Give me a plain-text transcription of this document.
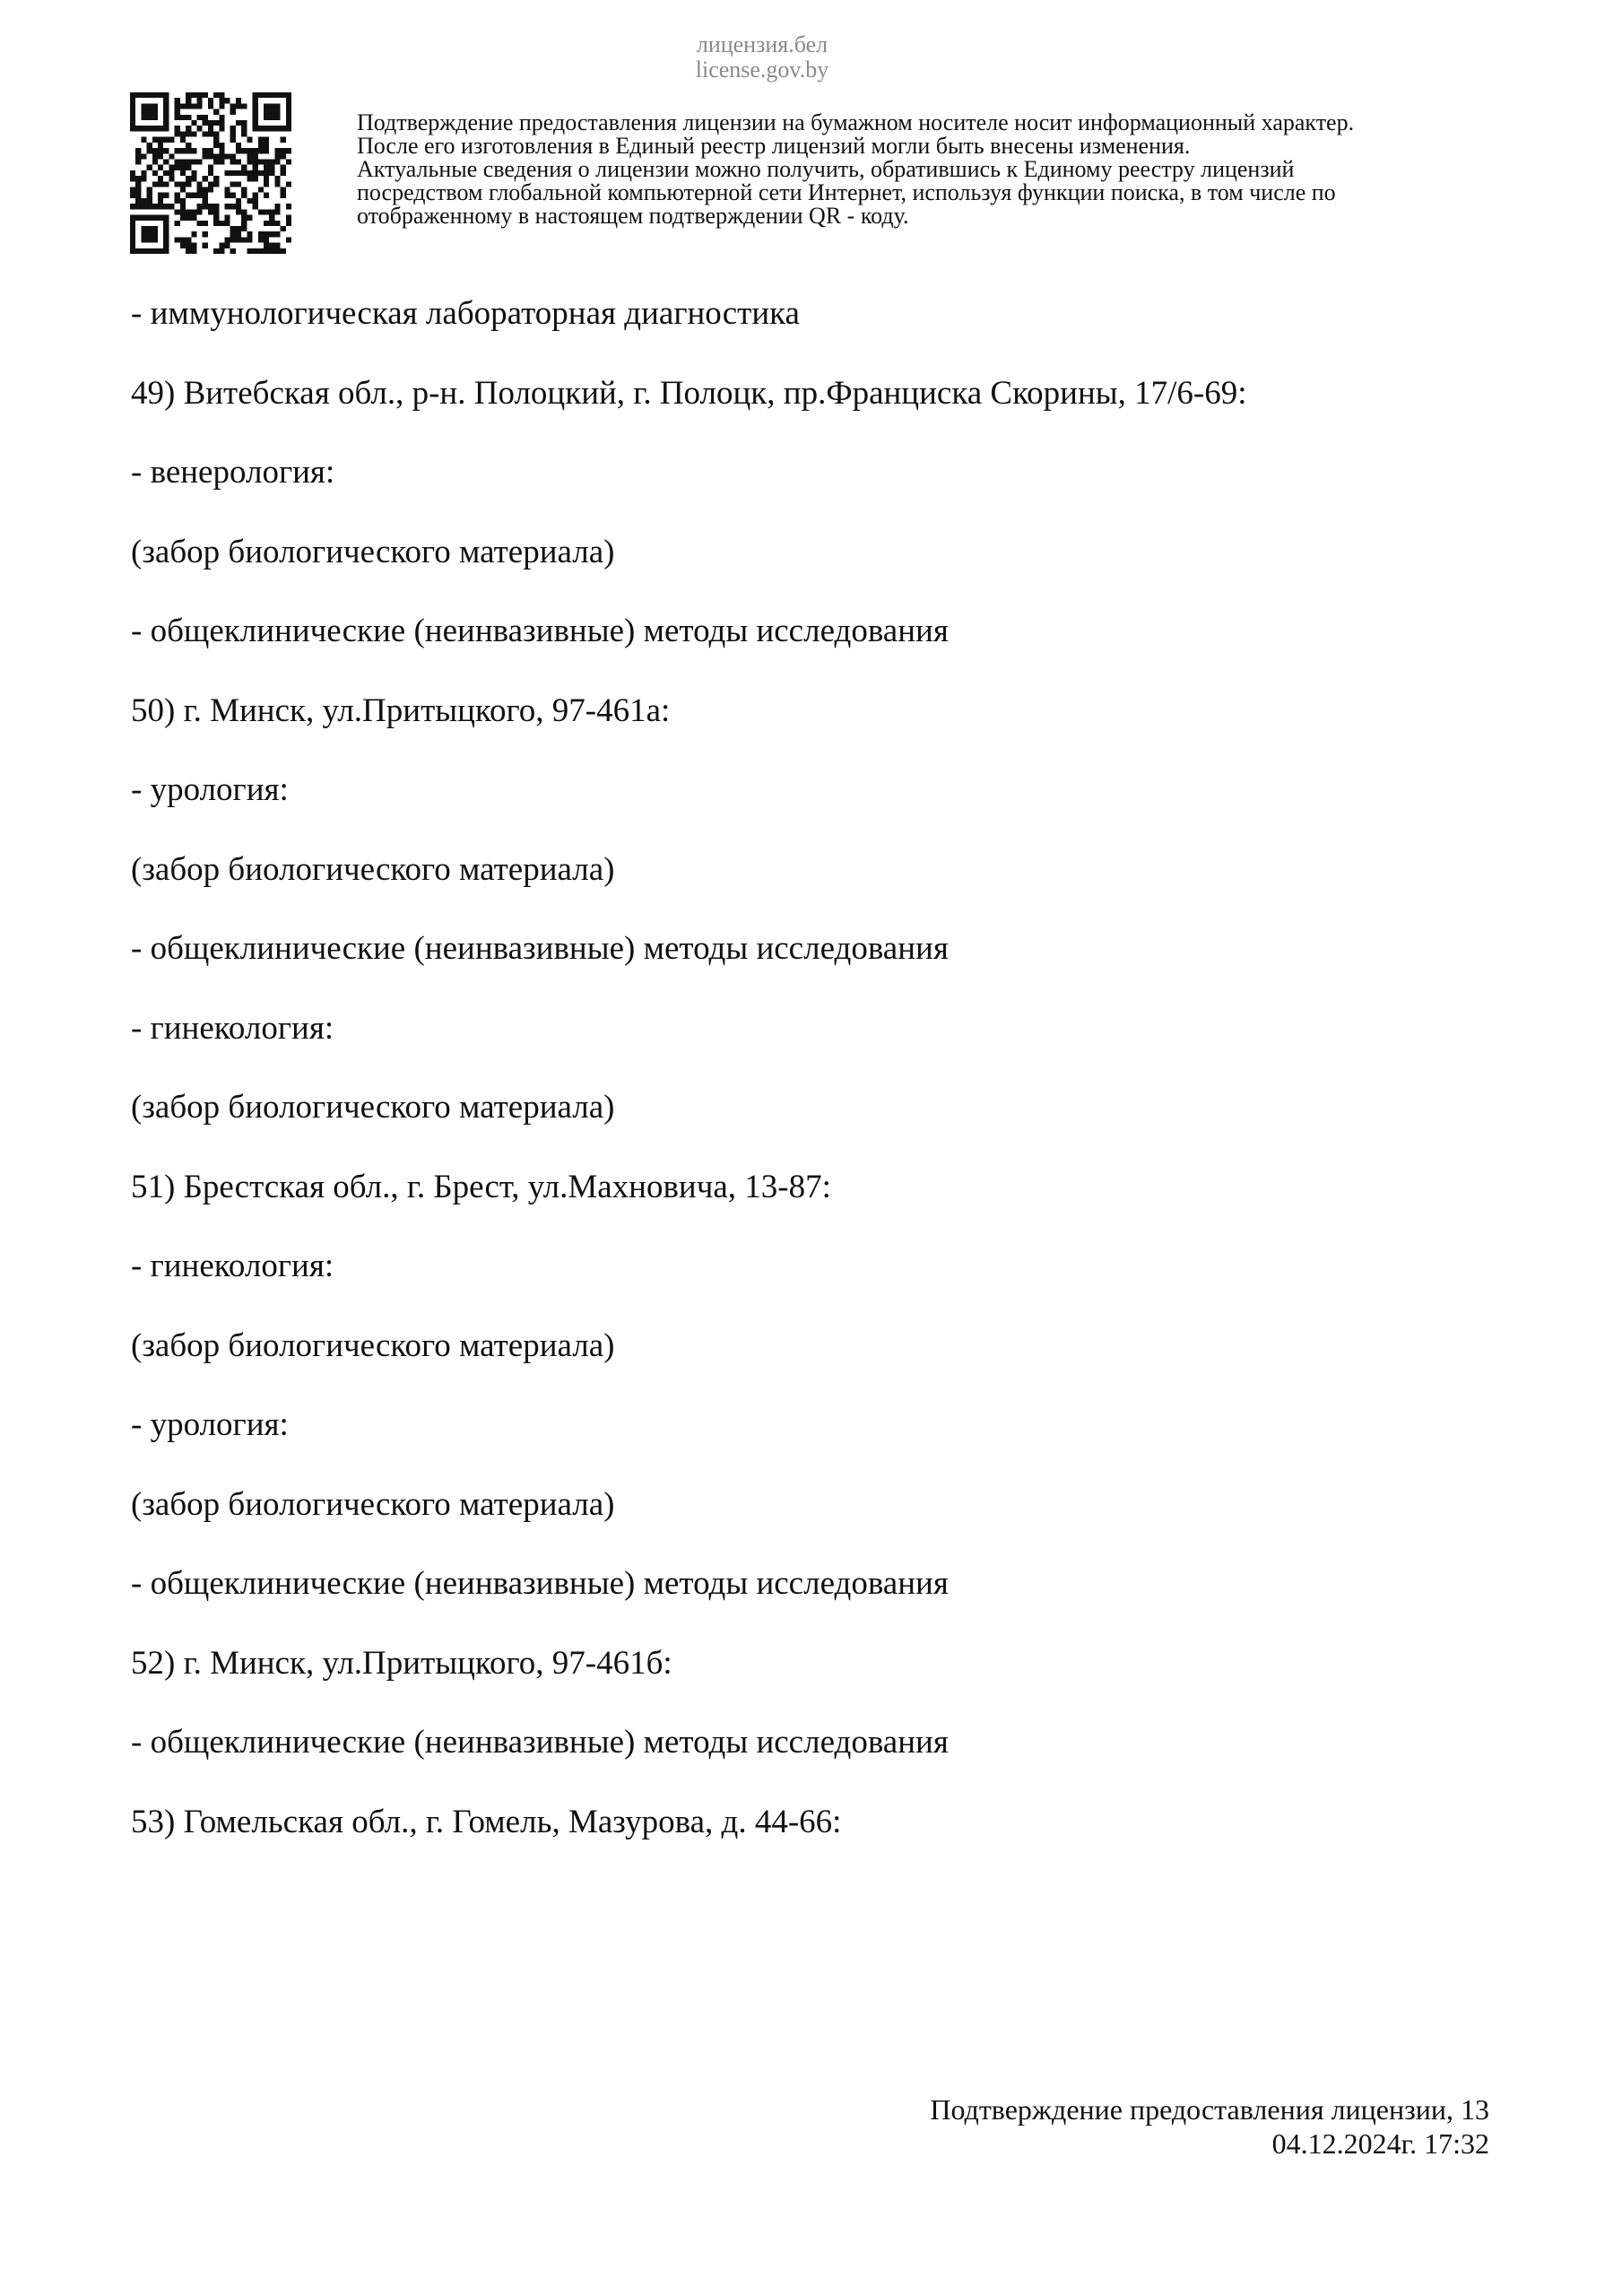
лицензия.бел
license.gov.by
Подтверждение предоставления лицензии на бумажном носителе носит информационный характер.
После его изготовления в Единый реестр лицензий могли быть внесены изменения.
Актуальные сведения о лицензии можно получить, обратившись к Единому реестру лицензий
посредством глобальной компьютерной сети Интернет, используя функции поиска, в том числе по
отображенному в настоящем подтверждении QR - коду.
- иммунологическая лабораторная диагностика
49) Витебская обл., р-н. Полоцкий, г. Полоцк, пр.Франциска Скорины, 17/6-69:
- венерология:
(забор биологического материала)
- общеклинические (неинвазивные) методы исследования
50) г. Минск, ул.Притыцкого, 97-461а:
- урология:
(забор биологического материала)
- общеклинические (неинвазивные) методы исследования
- гинекология:
(забор биологического материала)
51) Брестская обл., г. Брест, ул.Махновича, 13-87:
- гинекология:
(забор биологического материала)
- урология:
(забор биологического материала)
- общеклинические (неинвазивные) методы исследования
52) г. Минск, ул.Притыцкого, 97-461б:
- общеклинические (неинвазивные) методы исследования
53) Гомельская обл., г. Гомель, Мазурова, д. 44-66:
Подтверждение предоставления лицензии, 13
04.12.2024г. 17:32
